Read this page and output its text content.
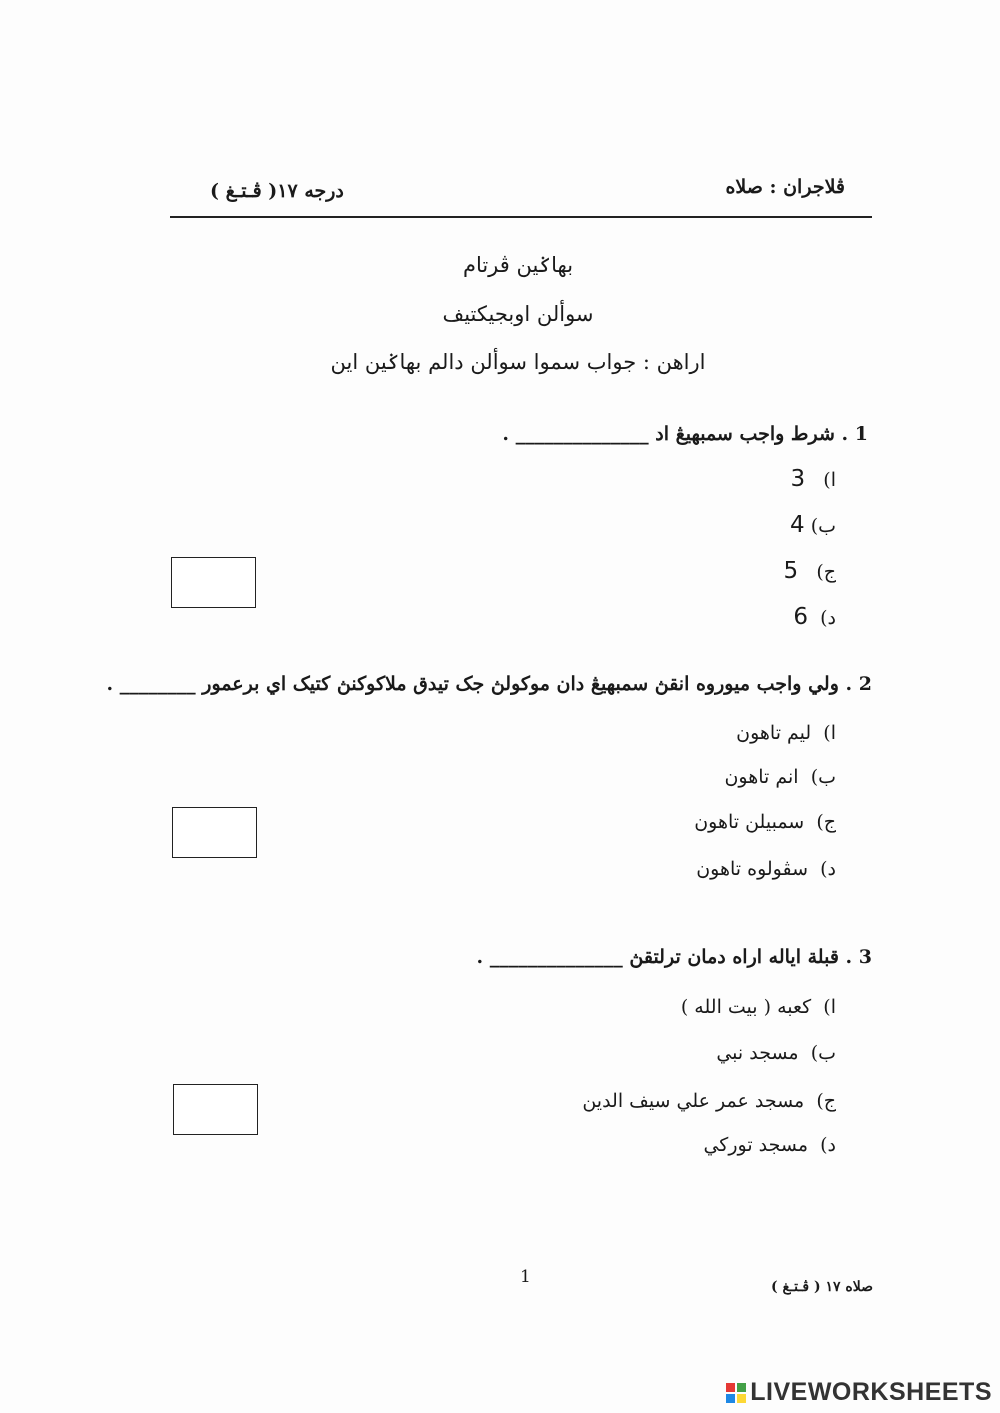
ڤلاجران : صلاه
درجه ١٧( ڤـتـغ )
بهاݢين ڤرتام
سوألن اوبجيکتيف
اراهن : جواب سموا سوألن دالم بهاݢين اين
1 . شرط واجب سمبهيڠ اد ______________ .
ا)   3
ب) 4
ج)   5
د)  6
2 . ولي واجب ميوروه انقڽ سمبهيڠ دان موکولڽ جک تيدق ملاکوکنڽ کتيک اي برعمور ________ .
ا)  ليم تاهون
ب)  انم تاهون
ج)  سمبيلن تاهون
د)  سڤولوه تاهون
3 . قبلة اياله اراه دمان ترلتقڽ ______________ .
ا)  کعبه ( بيت الله )
ب)  مسجد نبي
ج)  مسجد عمر علي سيف الدين
د)  مسجد توركي
1	صلاه ١٧ ( ڤـتـغ )
LIVEWORKSHEETS
